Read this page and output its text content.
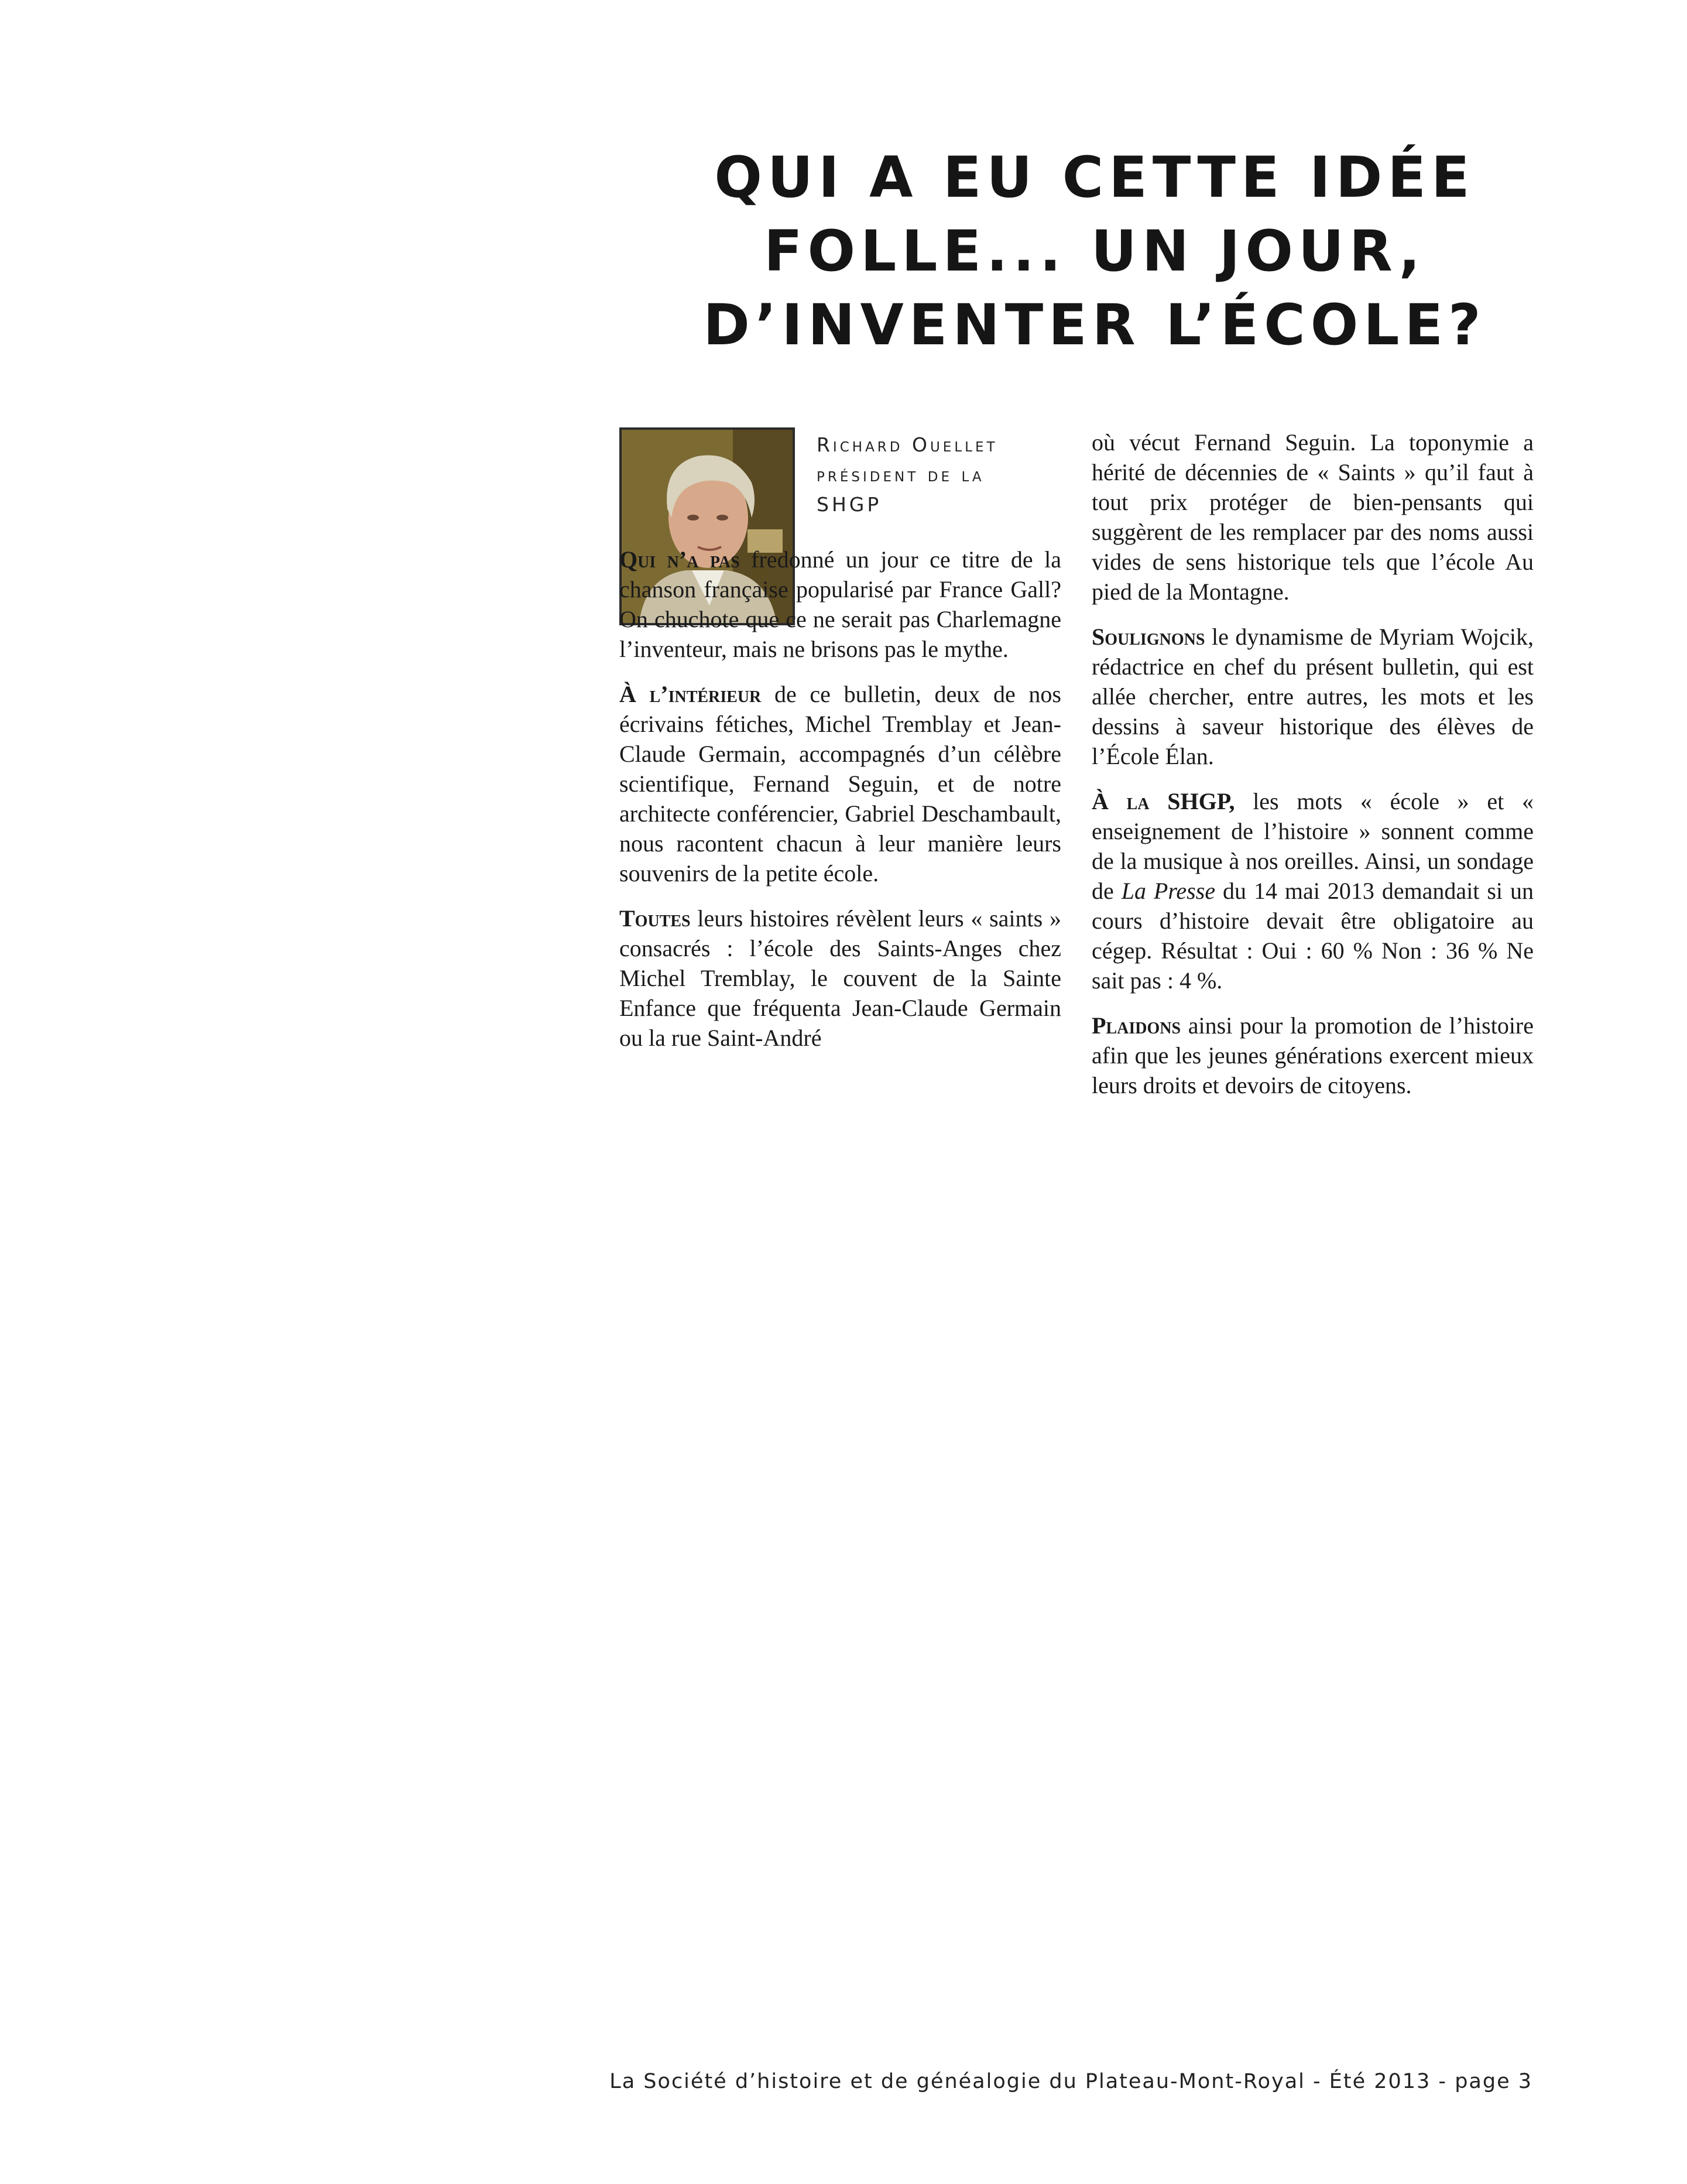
QUI A EU CETTE IDÉE
FOLLE... UN JOUR,
D’INVENTER L’ÉCOLE?
Richard Ouellet
président de la
SHGP

Qui n’a pas fredonné un jour ce titre de la chanson française popularisé par France Gall? On chuchote que ce ne serait pas Charlemagne l’inventeur, mais ne brisons pas le mythe.

À l’intérieur de ce bulletin, deux de nos écrivains fétiches, Michel Tremblay et Jean-Claude Germain, accompagnés d’un célèbre scientifique, Fernand Seguin, et de notre architecte conférencier, Gabriel Deschambault, nous racontent chacun à leur manière leurs souvenirs de la petite école.

Toutes leurs histoires révèlent leurs « saints » consacrés : l’école des Saints-Anges chez Michel Tremblay, le couvent de la Sainte Enfance que fréquenta Jean-Claude Germain ou la rue Saint-André

où vécut Fernand Seguin. La toponymie a hérité de décennies de « Saints » qu’il faut à tout prix protéger de bien-pensants qui suggèrent de les remplacer par des noms aussi vides de sens historique tels que l’école Au pied de la Montagne.

Soulignons le dynamisme de Myriam Wojcik, rédactrice en chef du présent bulletin, qui est allée chercher, entre autres, les mots et les dessins à saveur historique des élèves de l’École Élan.

À la SHGP, les mots « école » et « enseignement de l’histoire » sonnent comme de la musique à nos oreilles. Ainsi, un sondage de La Presse du 14 mai 2013 demandait si un cours d’histoire devait être obligatoire au cégep. Résultat : Oui : 60 % Non : 36 % Ne sait pas : 4 %.

Plaidons ainsi pour la promotion de l’histoire afin que les jeunes générations exercent mieux leurs droits et devoirs de citoyens.

La Société d’histoire et de généalogie du Plateau-Mont-Royal - Été 2013 - page 3
